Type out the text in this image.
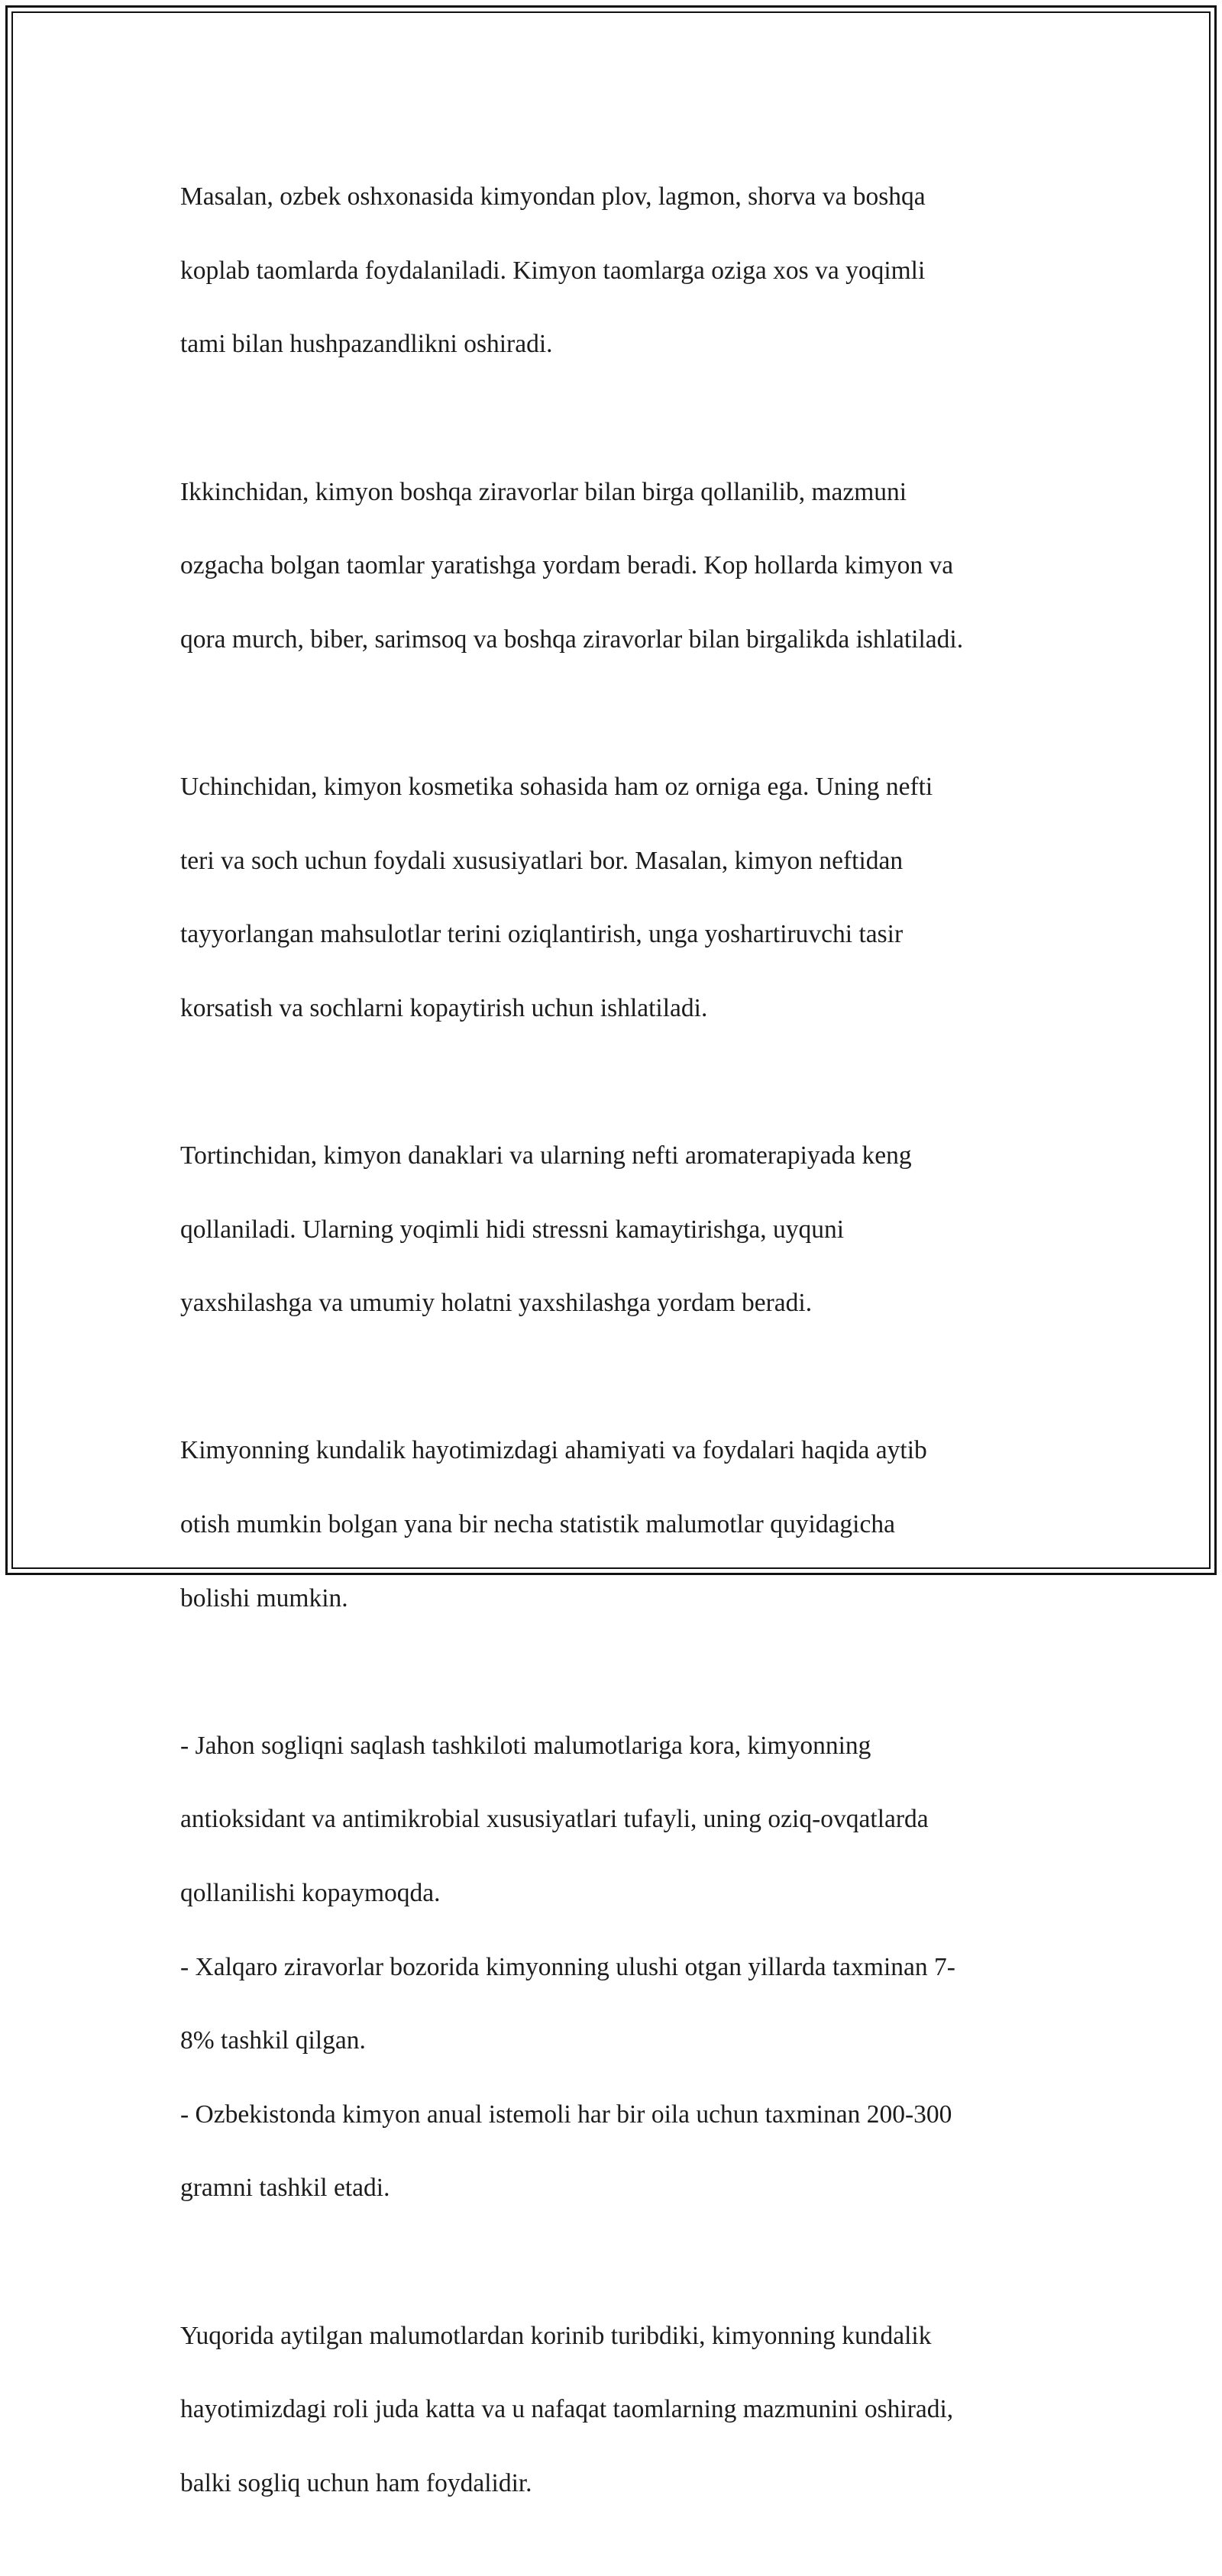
Masalan, ozbek oshxonasida kimyondan plov, lagmon, shorva va boshqa

koplab taomlarda foydalaniladi. Kimyon taomlarga oziga xos va yoqimli

tami bilan hushpazandlikni oshiradi.

Ikkinchidan, kimyon boshqa ziravorlar bilan birga qollanilib, mazmuni

ozgacha bolgan taomlar yaratishga yordam beradi. Kop hollarda kimyon va

qora murch, biber, sarimsoq va boshqa ziravorlar bilan birgalikda ishlatiladi.

Uchinchidan, kimyon kosmetika sohasida ham oz orniga ega. Uning nefti

teri va soch uchun foydali xususiyatlari bor. Masalan, kimyon neftidan

tayyorlangan mahsulotlar terini oziqlantirish, unga yoshartiruvchi tasir

korsatish va sochlarni kopaytirish uchun ishlatiladi.

Tortinchidan, kimyon danaklari va ularning nefti aromaterapiyada keng

qollaniladi. Ularning yoqimli hidi stressni kamaytirishga, uyquni

yaxshilashga va umumiy holatni yaxshilashga yordam beradi.

Kimyonning kundalik hayotimizdagi ahamiyati va foydalari haqida aytib

otish mumkin bolgan yana bir necha statistik malumotlar quyidagicha

bolishi mumkin.

- Jahon sogliqni saqlash tashkiloti malumotlariga kora, kimyonning

antioksidant va antimikrobial xususiyatlari tufayli, uning oziq-ovqatlarda

qollanilishi kopaymoqda.

- Xalqaro ziravorlar bozorida kimyonning ulushi otgan yillarda taxminan 7-

8% tashkil qilgan.

- Ozbekistonda kimyon anual istemoli har bir oila uchun taxminan 200-300

gramni tashkil etadi.

Yuqorida aytilgan malumotlardan korinib turibdiki, kimyonning kundalik

hayotimizdagi roli juda katta va u nafaqat taomlarning mazmunini oshiradi,

balki sogliq uchun ham foydalidir.
